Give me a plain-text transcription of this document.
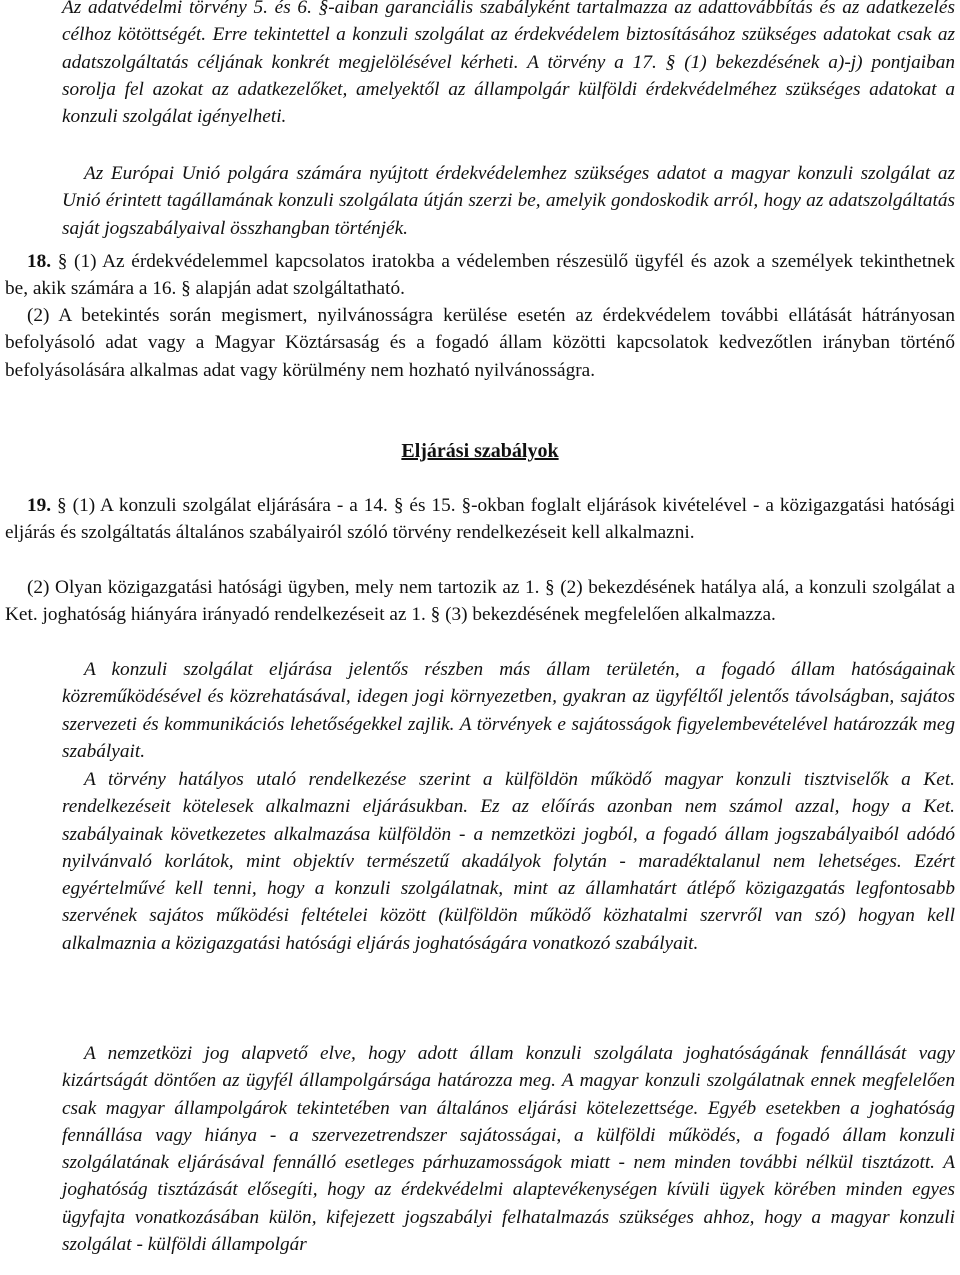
Az adatvédelmi törvény 5. és 6. §-aiban garanciális szabályként tartalmazza az adattovábbítás és az adatkezelés célhoz kötöttségét. Erre tekintettel a konzuli szolgálat az érdekvédelem biztosításához szükséges adatokat csak az adatszolgáltatás céljának konkrét megjelölésével kérheti. A törvény a 17. § (1) bekezdésének a)-j) pontjaiban sorolja fel azokat az adatkezelőket, amelyektől az állampolgár külföldi érdekvédelméhez szükséges adatokat a konzuli szolgálat igényelheti.

Az Európai Unió polgára számára nyújtott érdekvédelemhez szükséges adatot a magyar konzuli szolgálat az Unió érintett tagállamának konzuli szolgálata útján szerzi be, amelyik gondoskodik arról, hogy az adatszolgáltatás saját jogszabályaival összhangban történjék.

18. § (1) Az érdekvédelemmel kapcsolatos iratokba a védelemben részesülő ügyfél és azok a személyek tekinthetnek be, akik számára a 16. § alapján adat szolgáltatható.

(2) A betekintés során megismert, nyilvánosságra kerülése esetén az érdekvédelem további ellátását hátrányosan befolyásoló adat vagy a Magyar Köztársaság és a fogadó állam közötti kapcsolatok kedvezőtlen irányban történő befolyásolására alkalmas adat vagy körülmény nem hozható nyilvánosságra.

Eljárási szabályok
19. § (1) A konzuli szolgálat eljárására - a 14. § és 15. §-okban foglalt eljárások kivételével - a közigazgatási hatósági eljárás és szolgáltatás általános szabályairól szóló törvény rendelkezéseit kell alkalmazni.

(2) Olyan közigazgatási hatósági ügyben, mely nem tartozik az 1. § (2) bekezdésének hatálya alá, a konzuli szolgálat a Ket. joghatóság hiányára irányadó rendelkezéseit az 1. § (3) bekezdésének megfelelően alkalmazza.

A konzuli szolgálat eljárása jelentős részben más állam területén, a fogadó állam hatóságainak közreműködésével és közrehatásával, idegen jogi környezetben, gyakran az ügyféltől jelentős távolságban, sajátos szervezeti és kommunikációs lehetőségekkel zajlik. A törvények e sajátosságok figyelembevételével határozzák meg szabályait.

A törvény hatályos utaló rendelkezése szerint a külföldön működő magyar konzuli tisztviselők a Ket. rendelkezéseit kötelesek alkalmazni eljárásukban. Ez az előírás azonban nem számol azzal, hogy a Ket. szabályainak következetes alkalmazása külföldön - a nemzetközi jogból, a fogadó állam jogszabályaiból adódó nyilvánvaló korlátok, mint objektív természetű akadályok folytán - maradéktalanul nem lehetséges. Ezért egyértelművé kell tenni, hogy a konzuli szolgálatnak, mint az államhatárt átlépő közigazgatás legfontosabb szervének sajátos működési feltételei között (külföldön működő közhatalmi szervről van szó) hogyan kell alkalmaznia a közigazgatási hatósági eljárás joghatóságára vonatkozó szabályait.

A nemzetközi jog alapvető elve, hogy adott állam konzuli szolgálata joghatóságának fennállását vagy kizártságát döntően az ügyfél állampolgársága határozza meg. A magyar konzuli szolgálatnak ennek megfelelően csak magyar állampolgárok tekintetében van általános eljárási kötelezettsége. Egyéb esetekben a joghatóság fennállása vagy hiánya - a szervezetrendszer sajátosságai, a külföldi működés, a fogadó állam konzuli szolgálatának eljárásával fennálló esetleges párhuzamosságok miatt - nem minden további nélkül tisztázott. A joghatóság tisztázását elősegíti, hogy az érdekvédelmi alaptevékenységen kívüli ügyek körében minden egyes ügyfajta vonatkozásában külön, kifejezett jogszabályi felhatalmazás szükséges ahhoz, hogy a magyar konzuli szolgálat - külföldi állampolgár
